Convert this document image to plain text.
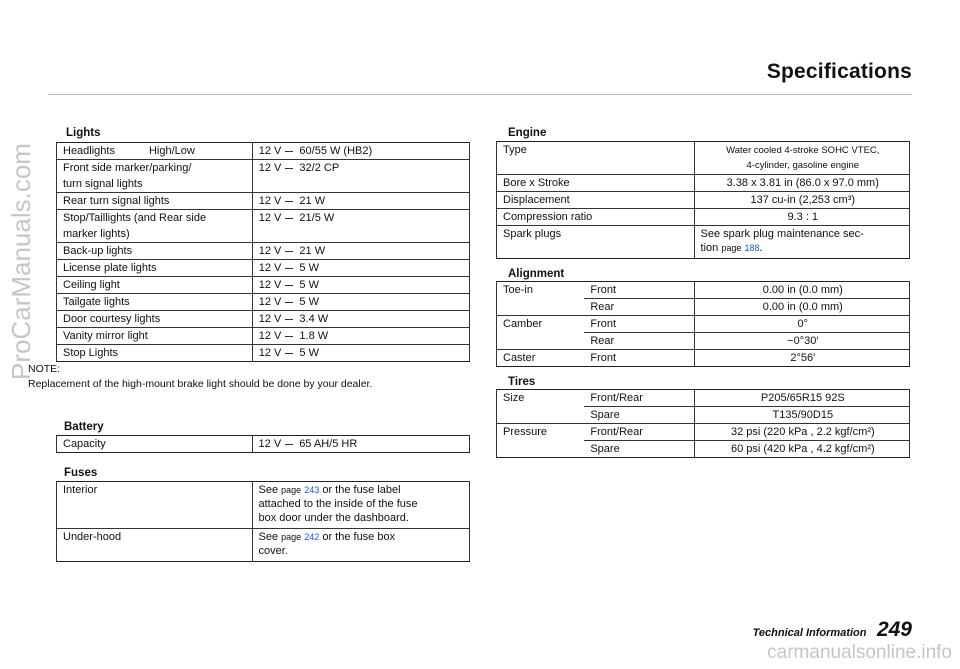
Specifications
Lights
Headlights High/Low	12 V 60/55 W (HB2)
Front side marker/parking/	12 V 32/2 CP
turn signal lights	
Rear turn signal lights	12 V 21 W
Stop/Taillights (and Rear side	12 V 21/5 W
marker lights)	
Back-up lights	12 V 21 W
License plate lights	12 V 5 W
Ceiling light	12 V 5 W
Tailgate lights	12 V 5 W
Door courtesy lights	12 V 3.4 W
Vanity mirror light	12 V 1.8 W
Stop Lights	12 V 5 W
NOTE:
Replacement of the high-mount brake light should be done by your dealer.
Battery
Capacity	12 V 65 AH/5 HR
Fuses
Interior	See page 243 or the fuse label
attached to the inside of the fuse
box door under the dashboard.
Under-hood	See page 242 or the fuse box
cover.
Engine
Type	Water cooled 4-stroke SOHC VTEC,
4-cylinder, gasoline engine
Bore x Stroke	3.38 x 3.81 in (86.0 x 97.0 mm)
Displacement	137 cu-in (2,253 cm³)
Compression ratio	9.3 : 1
Spark plugs	See spark plug maintenance sec-
tion page 188.
Alignment
Toe-in	Front	0.00 in (0.0 mm)
	Rear	0.00 in (0.0 mm)
Camber	Front	0°
	Rear	−0°30′
Caster	Front	2°56′
Tires
Size	Front/Rear	P205/65R15 92S
	Spare	T135/90D15
Pressure	Front/Rear	32 psi (220 kPa , 2.2 kgf/cm²)
	Spare	60 psi (420 kPa , 4.2 kgf/cm²)
Technical Information 249
ProCarManuals.com
carmanualsonline.info
